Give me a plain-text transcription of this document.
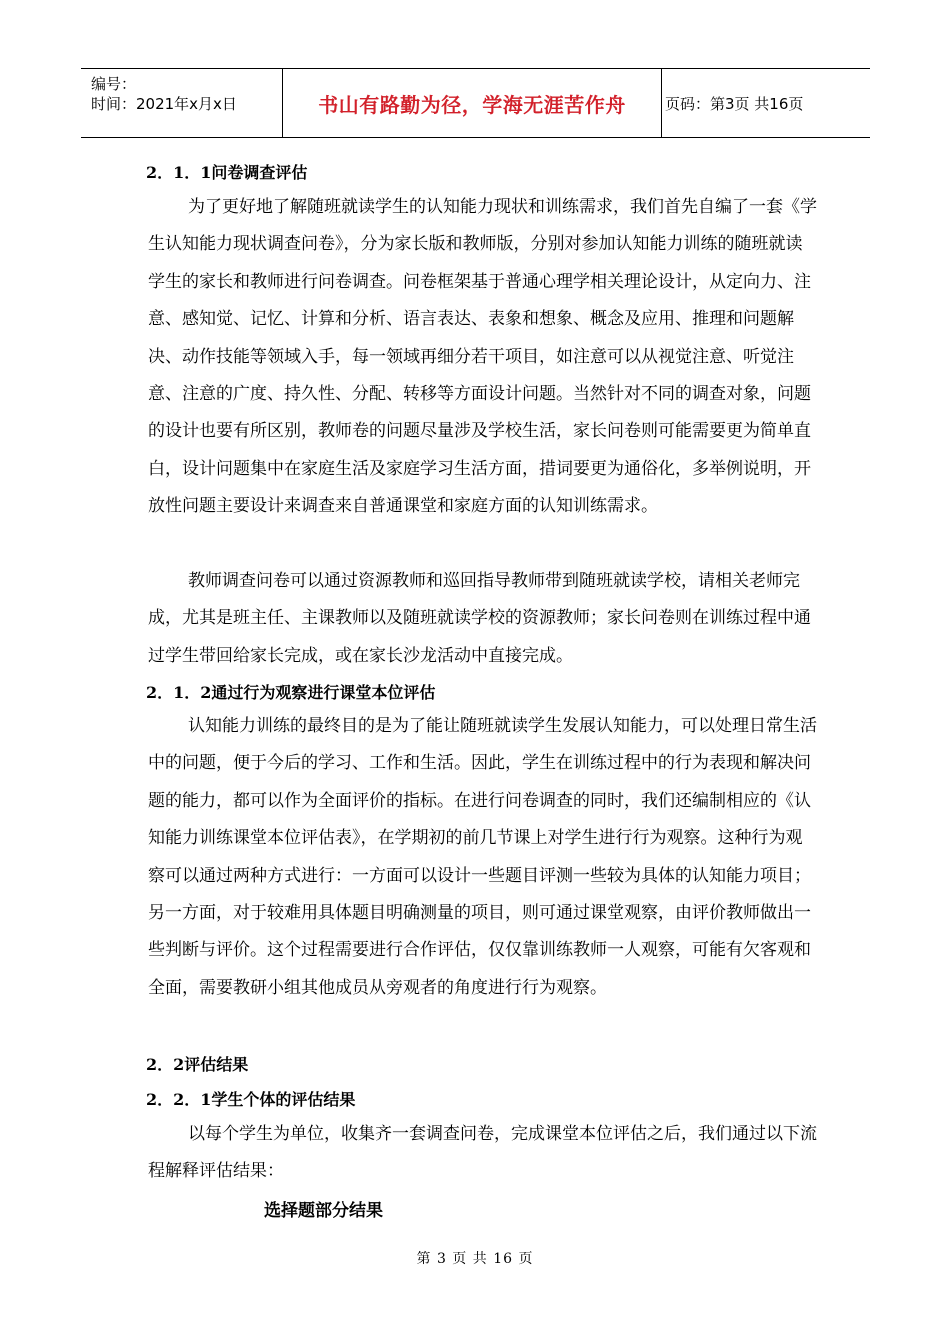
编号：
时间：2021年x月x日	书山有路勤为径，学海无涯苦作舟	页码：第3页 共16页
2．1．1问卷调查评估

为了更好地了解随班就读学生的认知能力现状和训练需求，我们首先自编了一套《学生认知能力现状调查问卷》，分为家长版和教师版，分别对参加认知能力训练的随班就读学生的家长和教师进行问卷调查。问卷框架基于普通心理学相关理论设计，从定向力、注意、感知觉、记忆、计算和分析、语言表达、表象和想象、概念及应用、推理和问题解决、动作技能等领域入手，每一领域再细分若干项目，如注意可以从视觉注意、听觉注意、注意的广度、持久性、分配、转移等方面设计问题。当然针对不同的调查对象，问题的设计也要有所区别，教师卷的问题尽量涉及学校生活，家长问卷则可能需要更为简单直白，设计问题集中在家庭生活及家庭学习生活方面，措词要更为通俗化，多举例说明，开放性问题主要设计来调查来自普通课堂和家庭方面的认知训练需求。

教师调查问卷可以通过资源教师和巡回指导教师带到随班就读学校，请相关老师完成，尤其是班主任、主课教师以及随班就读学校的资源教师；家长问卷则在训练过程中通过学生带回给家长完成，或在家长沙龙活动中直接完成。

2．1．2通过行为观察进行课堂本位评估

认知能力训练的最终目的是为了能让随班就读学生发展认知能力，可以处理日常生活中的问题，便于今后的学习、工作和生活。因此，学生在训练过程中的行为表现和解决问题的能力，都可以作为全面评价的指标。在进行问卷调查的同时，我们还编制相应的《认知能力训练课堂本位评估表》，在学期初的前几节课上对学生进行行为观察。这种行为观察可以通过两种方式进行：一方面可以设计一些题目评测一些较为具体的认知能力项目；另一方面，对于较难用具体题目明确测量的项目，则可通过课堂观察，由评价教师做出一些判断与评价。这个过程需要进行合作评估，仅仅靠训练教师一人观察，可能有欠客观和 全面，需要教研小组其他成员从旁观者的角度进行行为观察。

2．2评估结果
2．2．1学生个体的评估结果

以每个学生为单位，收集齐一套调查问卷，完成课堂本位评估之后，我们通过以下流程解释评估结果：

选择题部分结果
第 3 页 共 16 页
